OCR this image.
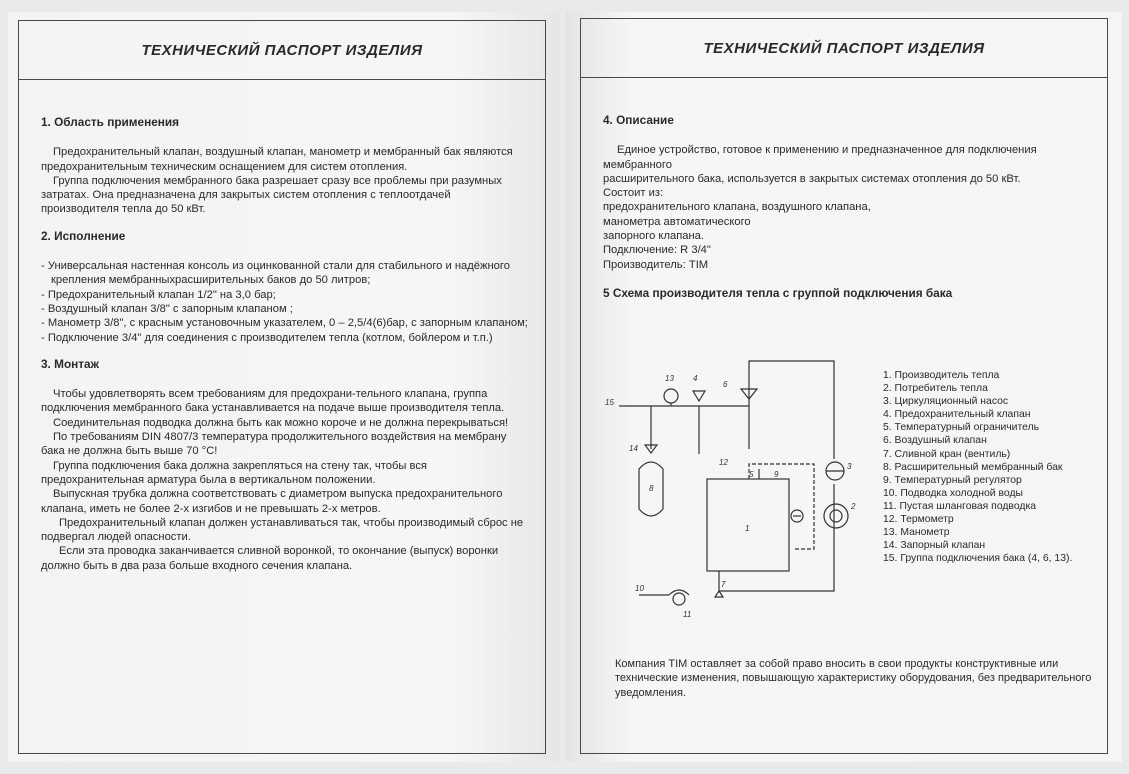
ТЕХНИЧЕСКИЙ ПАСПОРТ ИЗДЕЛИЯ
1. Область применения

Предохранительный клапан, воздушный клапан, манометр и мембранный бак являются предохранительным техническим оснащением для систем отопления.

Группа подключения мембранного бака разрешает сразу все проблемы при разумных затратах. Она предназначена для закрытых систем отопления с теплоотдачей производителя тепла до 50 кВт.

2. Исполнение
- Универсальная настенная консоль из оцинкованной стали для стабильного и надёжного крепления мембранныхрасширительных баков до 50 литров;
- Предохранительный клапан 1/2" на 3,0 бар;
- Воздушный клапан 3/8" с запорным клапаном ;
- Манометр 3/8", с красным установочным указателем, 0 – 2,5/4(6)бар, с запорным клапаном;
- Подключение 3/4" для соединения с производителем тепла (котлом, бойлером и т.п.)
3. Монтаж

Чтобы удовлетворять всем требованиям для предохрани-тельного клапана, группа подключения мембранного бака устанавливается на подаче выше производителя тепла.

Соединительная подводка должна быть как можно короче и не должна перекрываться!

По требованиям DIN 4807/3 температура продолжительного воздействия на мембрану бака не должна быть выше 70 °C!

Группа подключения бака должна закрепляться на стену так, чтобы вся предохранительная арматура была в вертикальном положении.

Выпускная трубка должна соответствовать с диаметром выпуска предохранительного клапана, иметь не более 2-х изгибов и не превышать 2-х метров.

Предохранительный клапан должен устанавливаться так, чтобы производимый сброс не подвергал людей опасности.

Если эта проводка заканчивается сливной воронкой, то окончание (выпуск) воронки должно быть в два раза больше входного сечения клапана.

ТЕХНИЧЕСКИЙ ПАСПОРТ ИЗДЕЛИЯ
4. Описание

Единое устройство, готовое к применению и предназначенное для подключения мембранного

расширительного бака, используется в закрытых системах отопления до 50 кВт.

Состоит из:

предохранительного клапана, воздушного клапана,

манометра автоматического

запорного клапана.

Подключение: R 3/4"

Производитель: TIM

5 Схема производителя тепла с группой подключения бака
13 4
6
15
14
8
12
5	9
3
2
1
10	7
11
1. Производитель тепла
2. Потребитель тепла
3. Циркуляционный насос
4. Предохранительный клапан
5. Температурный ограничитель
6. Воздушный клапан
7. Сливной кран (вентиль)
8. Расширительный мембранный бак
9. Температурный регулятор
10. Подводка холодной воды
11. Пустая шланговая подводка
12. Термометр
13. Манометр
14. Запорный клапан
15. Группа подключения бака (4, 6, 13).

Компания TIM оставляет за собой право вносить в свои продукты конструктивные или технические изменения, повышающую характеристику оборудования, без предварительного уведомления.
